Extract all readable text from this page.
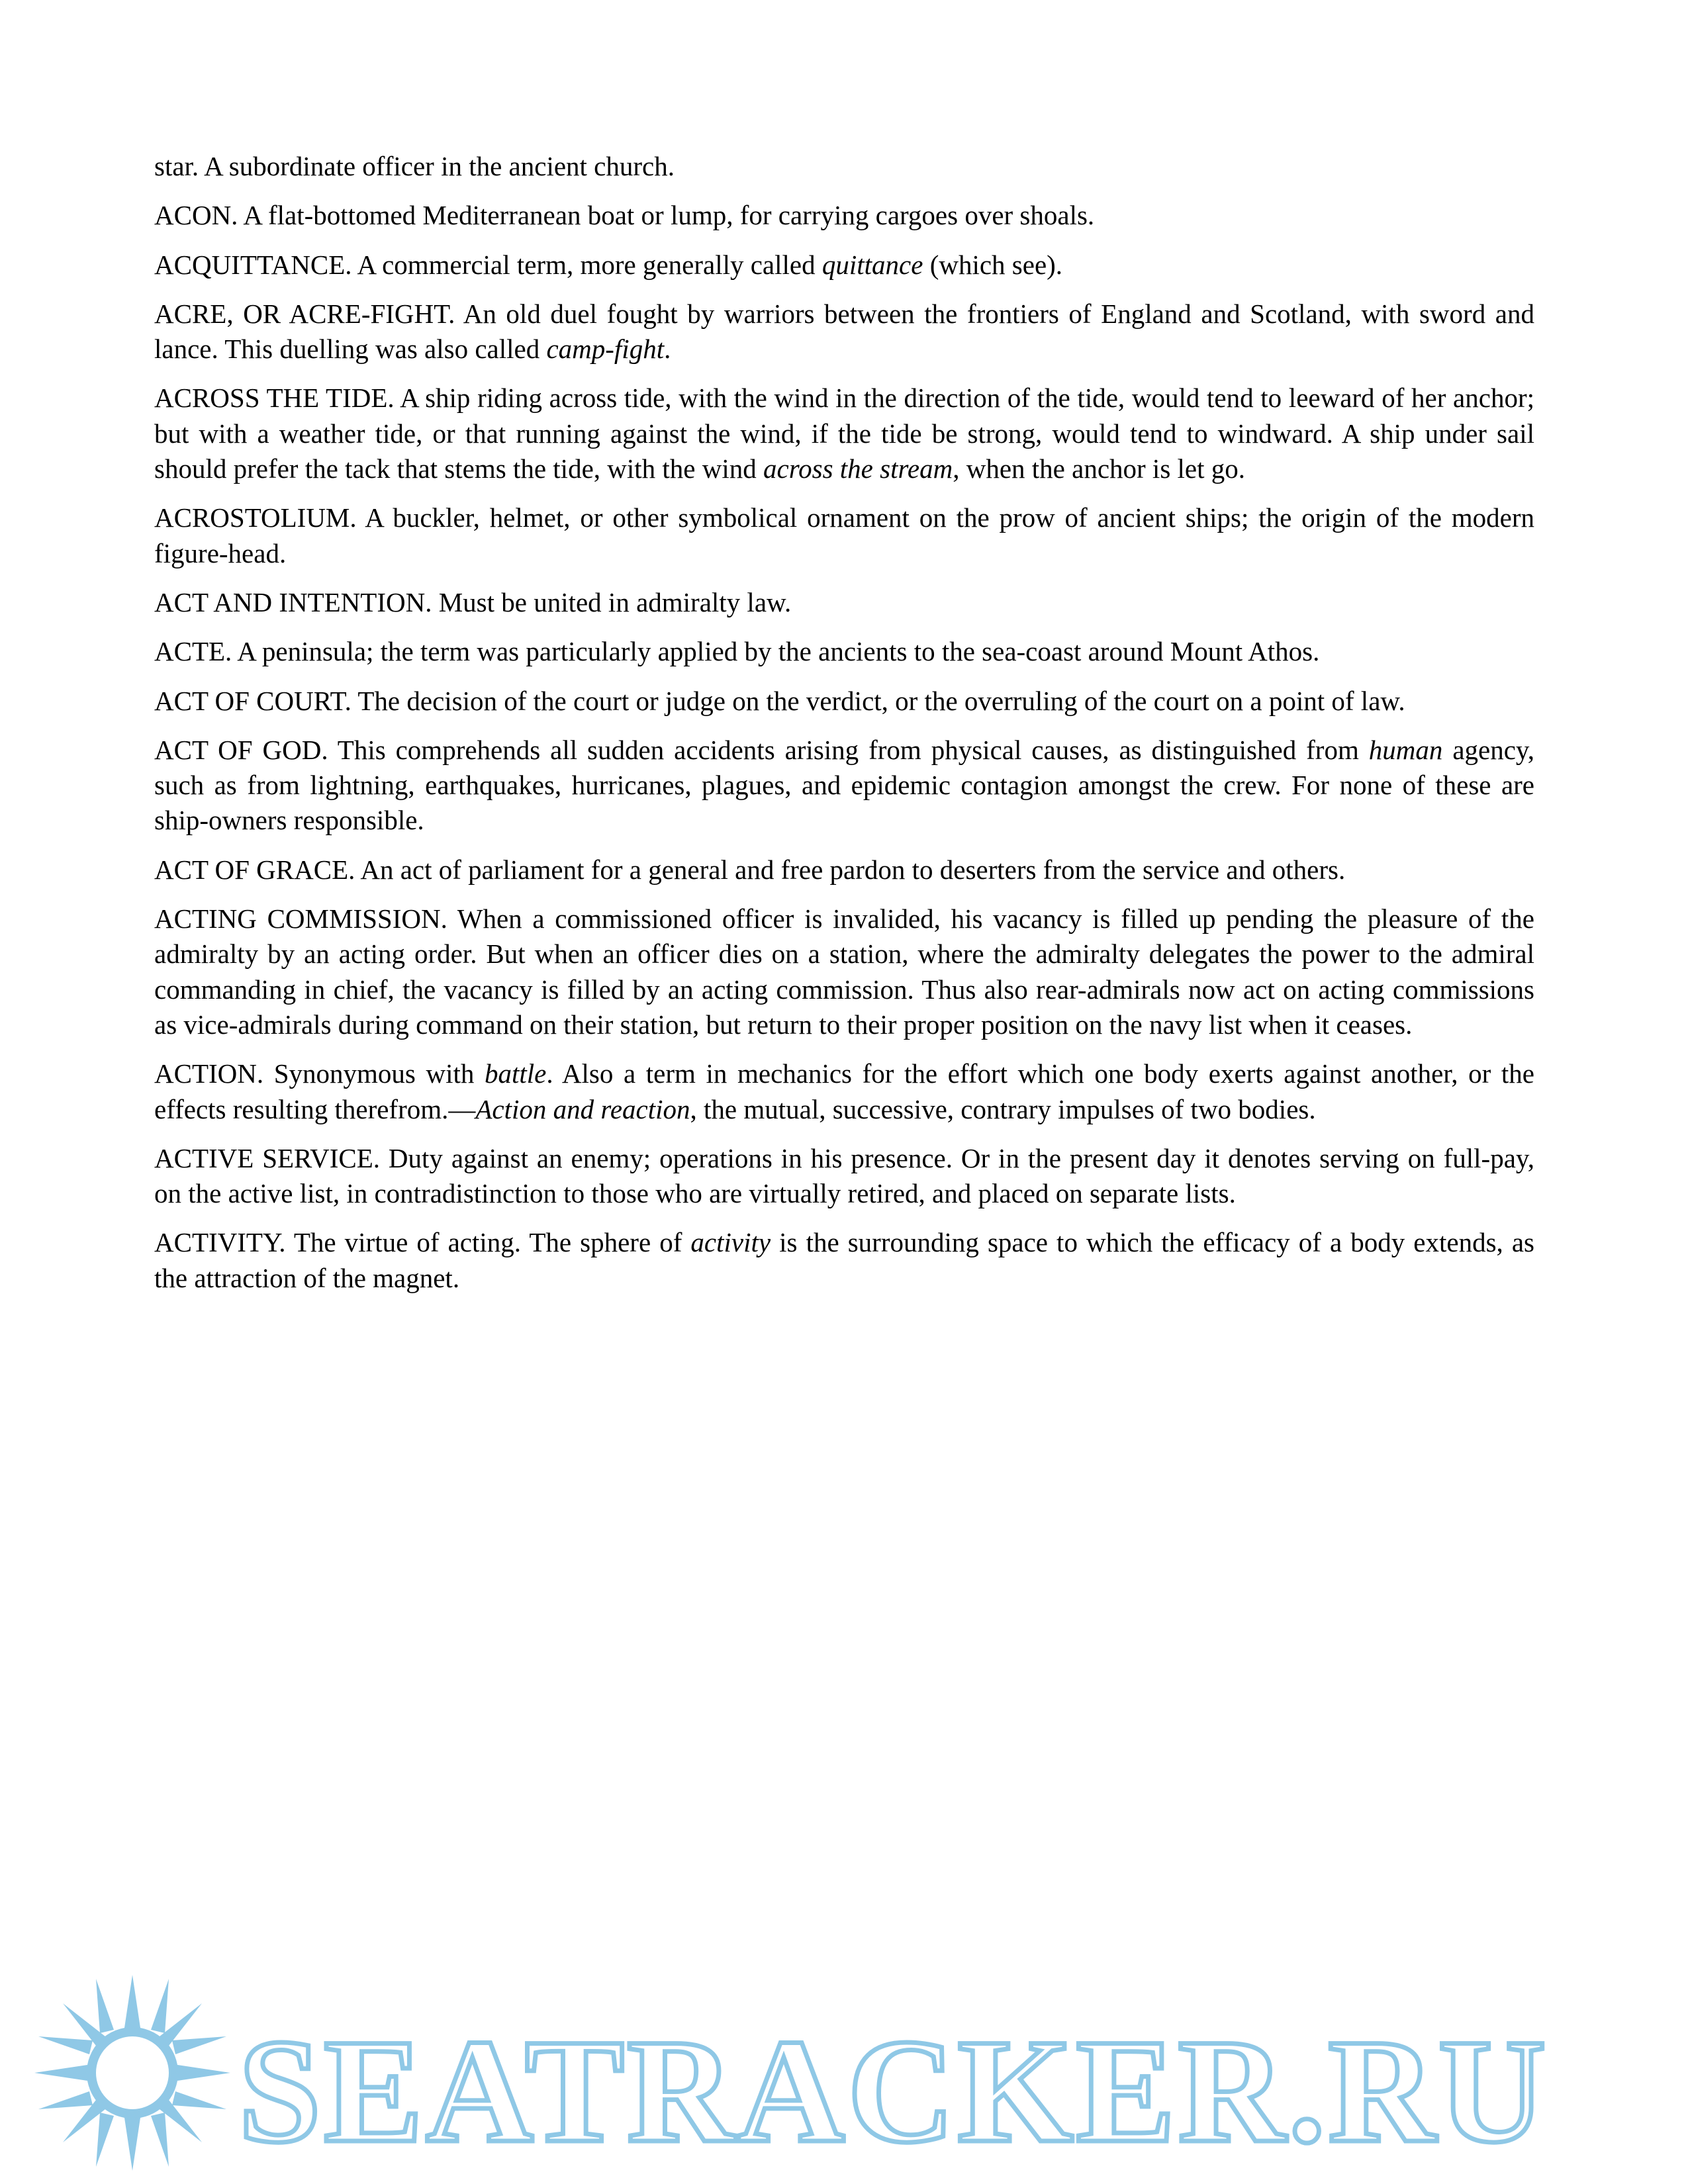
star. A subordinate officer in the ancient church.

ACON. A flat-bottomed Mediterranean boat or lump, for carrying cargoes over shoals.

ACQUITTANCE. A commercial term, more generally called quittance (which see).

ACRE, OR ACRE-FIGHT. An old duel fought by warriors between the frontiers of England and Scotland, with sword and lance. This duelling was also called camp-fight.

ACROSS THE TIDE. A ship riding across tide, with the wind in the direction of the tide, would tend to leeward of her anchor; but with a weather tide, or that running against the wind, if the tide be strong, would tend to windward. A ship under sail should prefer the tack that stems the tide, with the wind across the stream, when the anchor is let go.

ACROSTOLIUM. A buckler, helmet, or other symbolical ornament on the prow of ancient ships; the origin of the modern figure-head.

ACT AND INTENTION. Must be united in admiralty law.

ACTE. A peninsula; the term was particularly applied by the ancients to the sea-coast around Mount Athos.

ACT OF COURT. The decision of the court or judge on the verdict, or the overruling of the court on a point of law.

ACT OF GOD. This comprehends all sudden accidents arising from physical causes, as distinguished from human agency, such as from lightning, earthquakes, hurricanes, plagues, and epidemic contagion amongst the crew. For none of these are ship-owners responsible.

ACT OF GRACE. An act of parliament for a general and free pardon to deserters from the service and others.

ACTING COMMISSION. When a commissioned officer is invalided, his vacancy is filled up pending the pleasure of the admiralty by an acting order. But when an officer dies on a station, where the admiralty delegates the power to the admiral commanding in chief, the vacancy is filled by an acting commission. Thus also rear-admirals now act on acting commissions as vice-admirals during command on their station, but return to their proper position on the navy list when it ceases.

ACTION. Synonymous with battle. Also a term in mechanics for the effort which one body exerts against another, or the effects resulting therefrom.—Action and reaction, the mutual, successive, contrary impulses of two bodies.

ACTIVE SERVICE. Duty against an enemy; operations in his presence. Or in the present day it denotes serving on full-pay, on the active list, in contradistinction to those who are virtually retired, and placed on separate lists.

ACTIVITY. The virtue of acting. The sphere of activity is the surrounding space to which the efficacy of a body extends, as the attraction of the magnet.

SEATRACKER.RU
